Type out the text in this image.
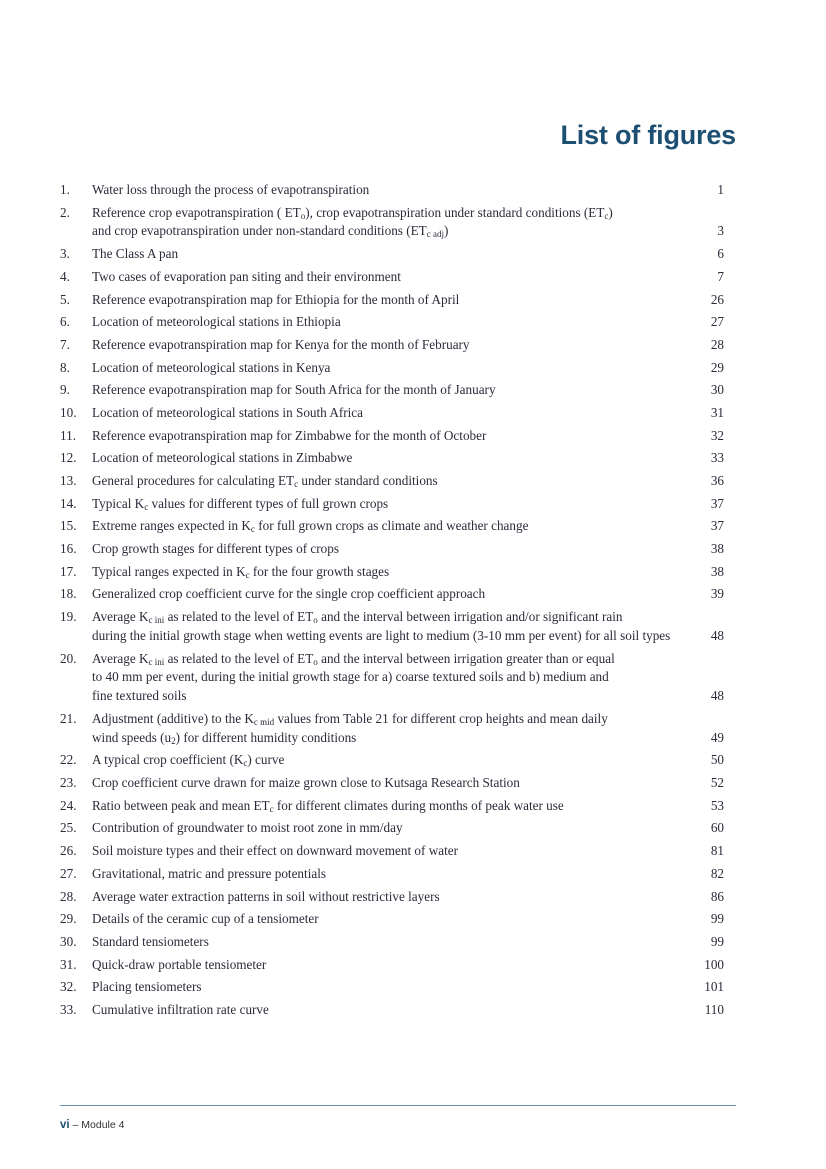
List of figures
1.	Water loss through the process of evapotranspiration	1
2.	Reference crop evapotranspiration ( $ET_o$), crop evapotranspiration under standard conditions $(ET_c)$
and crop evapotranspiration under non-standard conditions $(ET_{c adj})$	3
3.	The Class A pan	6
4.	Two cases of evaporation pan siting and their environment	7
5.	Reference evapotranspiration map for Ethiopia for the month of April	26
6.	Location of meteorological stations in Ethiopia	27
7.	Reference evapotranspiration map for Kenya for the month of February	28
8.	Location of meteorological stations in Kenya	29
9.	Reference evapotranspiration map for South Africa for the month of January	30
10.	Location of meteorological stations in South Africa	31
11.	Reference evapotranspiration map for Zimbabwe for the month of October	32
12.	Location of meteorological stations in Zimbabwe	33
13.	General procedures for calculating $ET_c$ under standard conditions	36
14.	Typical $K_c$ values for different types of full grown crops	37
15.	Extreme ranges expected in $K_c$ for full grown crops as climate and weather change	37
16.	Crop growth stages for different types of crops	38
17.	Typical ranges expected in $K_c$ for the four growth stages	38
18.	Generalized crop coefficient curve for the single crop coefficient approach	39
19.	Average $K_{c ini}$ as related to the level of $ET_o$ and the interval between irrigation and/or significant rain
during the initial growth stage when wetting events are light to medium (3-10 mm per event) for all soil types	48
20.	Average $K_{c ini}$ as related to the level of $ET_o$ and the interval between irrigation greater than or equal
to 40 mm per event, during the initial growth stage for a) coarse textured soils and b) medium and
fine textured soils	48
21.	Adjustment (additive) to the $K_{c mid}$ values from Table 21 for different crop heights and mean daily
wind speeds $(u_2)$ for different humidity conditions	49
22.	A typical crop coefficient $(K_c)$ curve	50
23.	Crop coefficient curve drawn for maize grown close to Kutsaga Research Station	52
24.	Ratio between peak and mean $ET_c$ for different climates during months of peak water use	53
25.	Contribution of groundwater to moist root zone in mm/day	60
26.	Soil moisture types and their effect on downward movement of water	81
27.	Gravitational, matric and pressure potentials	82
28.	Average water extraction patterns in soil without restrictive layers	86
29.	Details of the ceramic cup of a tensiometer	99
30.	Standard tensiometers	99
31.	Quick-draw portable tensiometer	100
32.	Placing tensiometers	101
33.	Cumulative infiltration rate curve	110
vi – Module 4
